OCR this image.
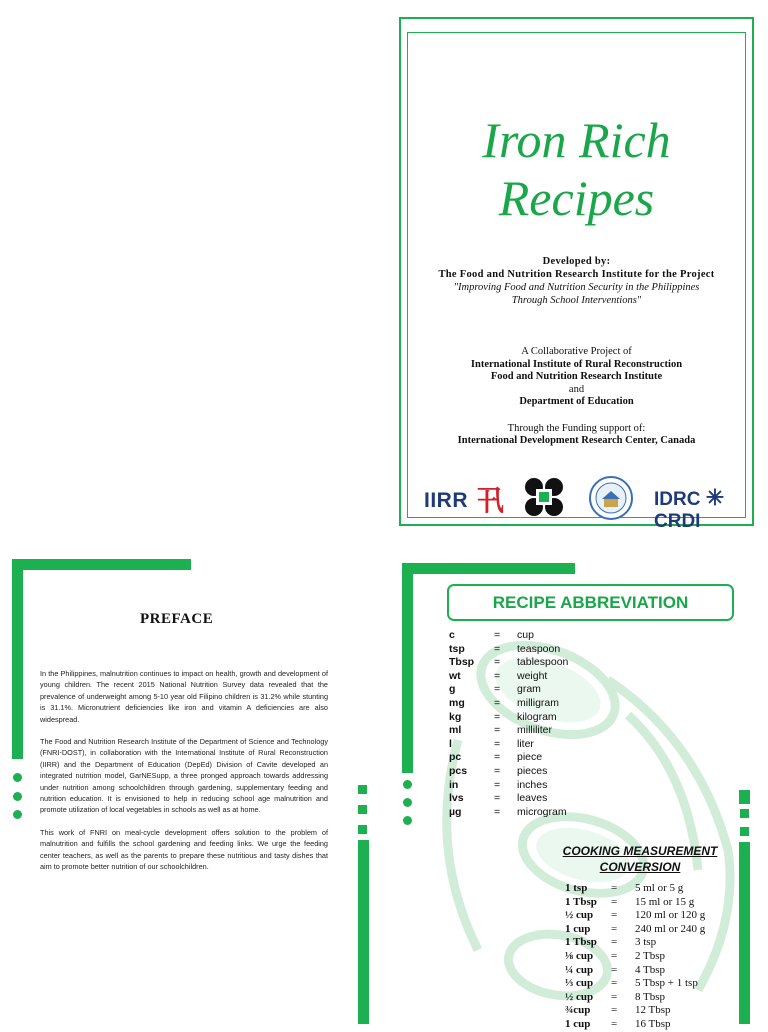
Iron Rich
Recipes
Developed by:
The Food and Nutrition Research Institute for the Project
"Improving Food and Nutrition Security in the Philippines
Through School Interventions"
A Collaborative Project of
International Institute of Rural Reconstruction
Food and Nutrition Research Institute
and
Department of Education
Through the Funding support of:
International Development Research Center, Canada
IIRR 卂	IDRC ✳ CRDI
PREFACE

In the Philippines, malnutrition continues to impact on health, growth and development of young children. The recent 2015 National Nutrition Survey data revealed that the prevalence of underweight among 5-10 year old Filipino children is 31.2% while stunting is 31.1%. Micronutrient deficiencies like iron and vitamin A deficiencies are also widespread.

The Food and Nutrition Research Institute of the Department of Science and Technology (FNRI-DOST), in collaboration with the International Institute of Rural Reconstruction (IIRR) and the Department of Education (DepEd) Division of Cavite developed an integrated nutrition model, GarNESupp, a three pronged approach towards addressing under nutrition among schoolchildren through gardening, supplementary feeding and nutrition education. It is envisioned to help in reducing school age malnutrition and promote utilization of local vegetables in schools as well as at home.

This work of FNRI on meal-cycle development offers solution to the problem of malnutrition and fulfills the school gardening and feeding links. We urge the feeding center teachers, as well as the parents to prepare these nutritious and tasty dishes that aim to promote better nutrition of our schoolchildren.

RECIPE ABBREVIATION
c	= cup
tsp	= teaspoon
Tbsp = tablespoon
wt	= weight
g	= gram
mg	= milligram
kg	= kilogram
ml	= milliliter
l	= liter
pc	= piece
pcs	= pieces
in	= inches
lvs	= leaves
µg	= microgram
COOKING MEASUREMENT
CONVERSION
1 tsp = 5 ml or 5 g
1 Tbsp = 15 ml or 15 g
½ cup = 120 ml or 120 g
1 cup = 240 ml or 240 g
1 Tbsp = 3 tsp
⅛ cup = 2 Tbsp
¼ cup = 4 Tbsp
⅓ cup = 5 Tbsp + 1 tsp
½ cup = 8 Tbsp
¾cup = 12 Tbsp
1 cup = 16 Tbsp
